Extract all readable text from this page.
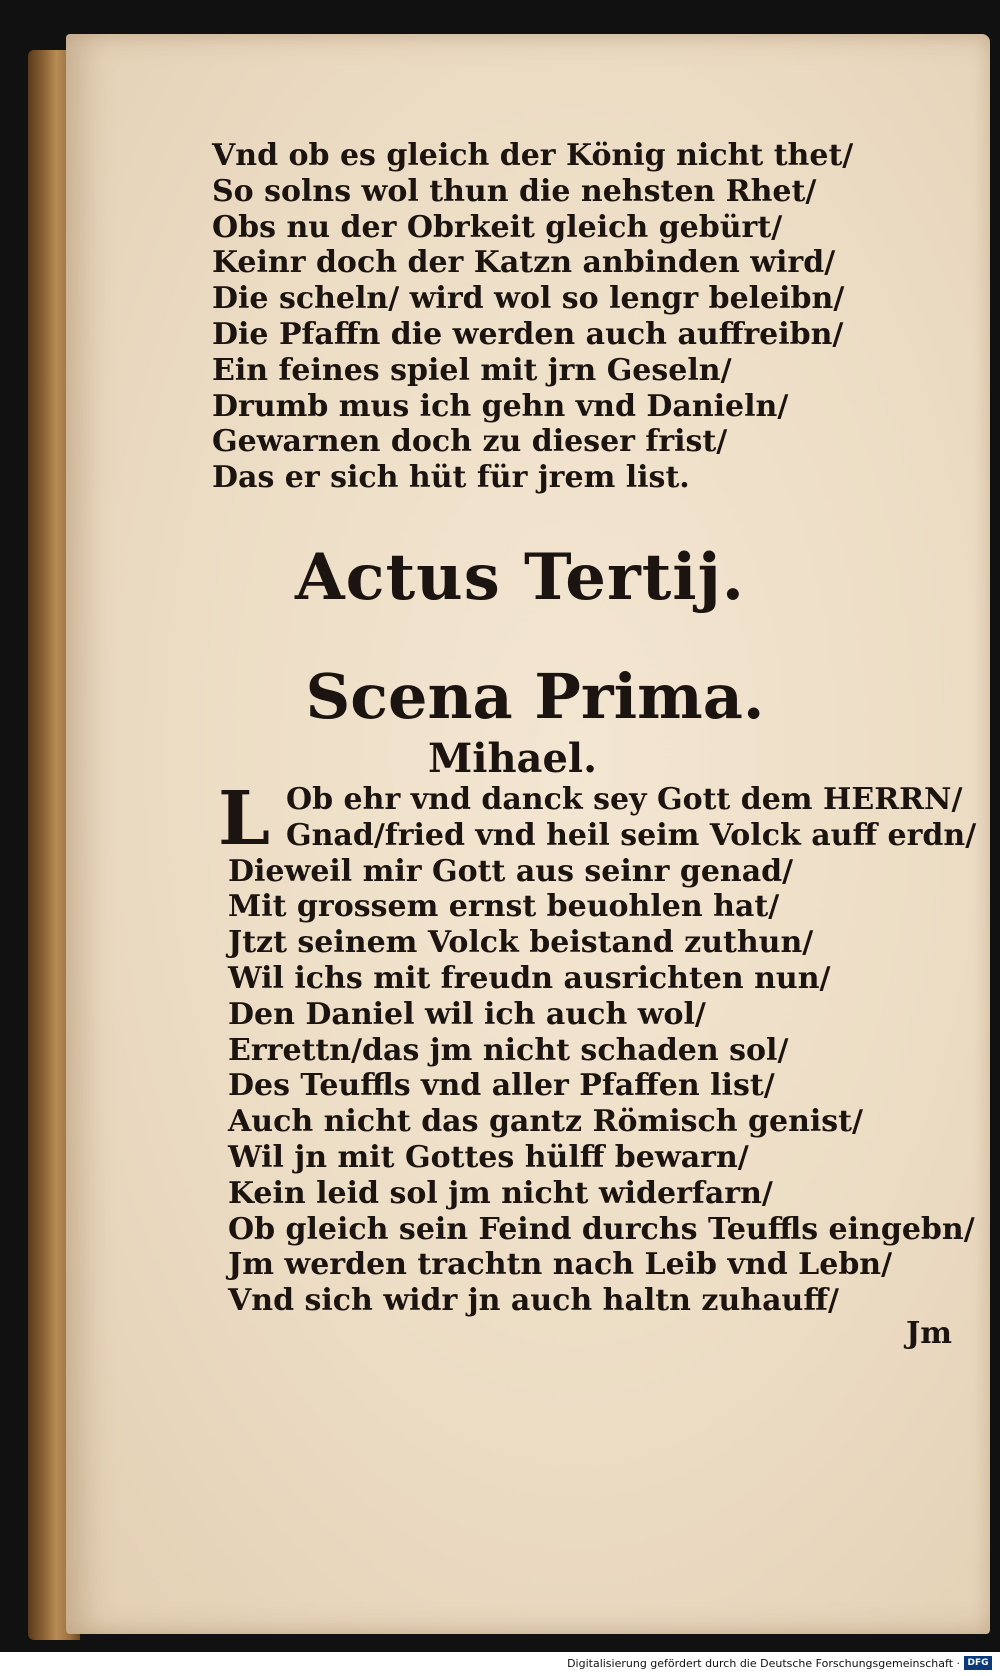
Vnd ob es gleich der König nicht thet/
So solns wol thun die nehsten Rhet/
Obs nu der Obrkeit gleich gebürt/
Keinr doch der Katzn anbinden wird/
Die scheln/ wird wol so lengr beleibn/
Die Pfaffn die werden auch auffreibn/
Ein feines spiel mit jrn Geseln/
Drumb mus ich gehn vnd Danieln/
Gewarnen doch zu dieser frist/
Das er sich hüt für jrem list.
Actus Tertij.
Scena Prima.
Mihael.
L Ob ehr vnd danck sey Gott dem HERRN/
Gnad/fried vnd heil seim Volck auff erdn/
Dieweil mir Gott aus seinr genad/
Mit grossem ernst beuohlen hat/
Jtzt seinem Volck beistand zuthun/
Wil ichs mit freudn ausrichten nun/
Den Daniel wil ich auch wol/
Errettn/das jm nicht schaden sol/
Des Teuffls vnd aller Pfaffen list/
Auch nicht das gantz Römisch genist/
Wil jn mit Gottes hülff bewarn/
Kein leid sol jm nicht widerfarn/
Ob gleich sein Feind durchs Teuffls eingebn/
Jm werden trachtn nach Leib vnd Lebn/
Vnd sich widr jn auch haltn zuhauff/
Jm
Digitalisierung gefördert durch die Deutsche Forschungsgemeinschaft · DFG
